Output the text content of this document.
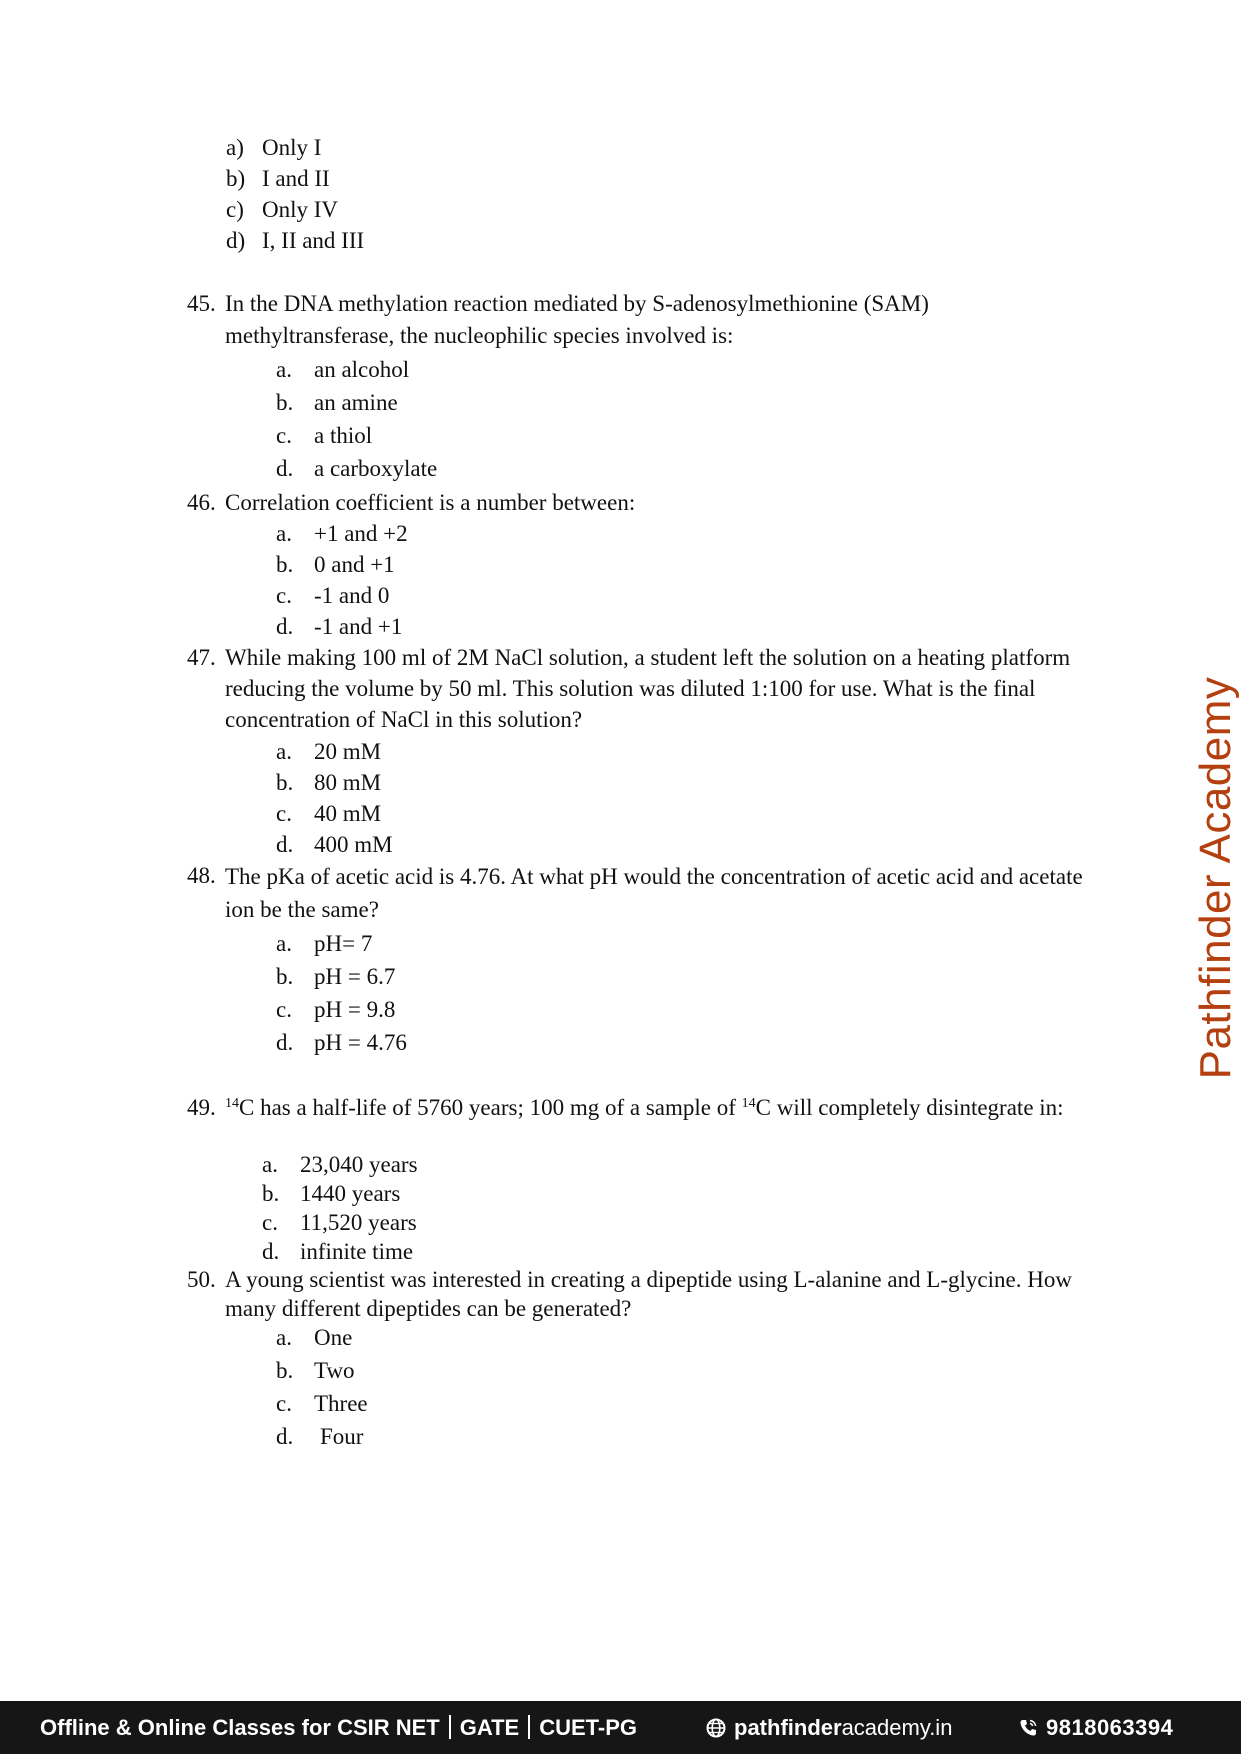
a) Only I
b) I and II
c) Only IV
d) I, II and III
45. In the DNA methylation reaction mediated by S-adenosylmethionine (SAM) methyltransferase, the nucleophilic species involved is:
a. an alcohol
b. an amine
c. a thiol
d. a carboxylate
46. Correlation coefficient is a number between:
a. +1 and +2
b. 0 and +1
c. -1 and 0
d. -1 and +1
47. While making 100 ml of 2M NaCl solution, a student left the solution on a heating platform reducing the volume by 50 ml. This solution was diluted 1:100 for use. What is the final concentration of NaCl in this solution?
a. 20 mM
b. 80 mM
c. 40 mM
d. 400 mM
48. The pKa of acetic acid is 4.76. At what pH would the concentration of acetic acid and acetate ion be the same?
a. pH= 7
b. pH = 6.7
c. pH = 9.8
d. pH = 4.76
49. $^{14}$C has a half-life of 5760 years; 100 mg of a sample of $^{14}$C will completely disintegrate in:
a. 23,040 years
b. 1440 years
c. 11,520 years
d. infinite time
50. A young scientist was interested in creating a dipeptide using L-alanine and L-glycine. How many different dipeptides can be generated?
a. One
b. Two
c. Three
d. Four
Pathfinder Academy
Offline & Online Classes for CSIR NET GATE CUET-PG	pathfinderacademy.in	9818063394
